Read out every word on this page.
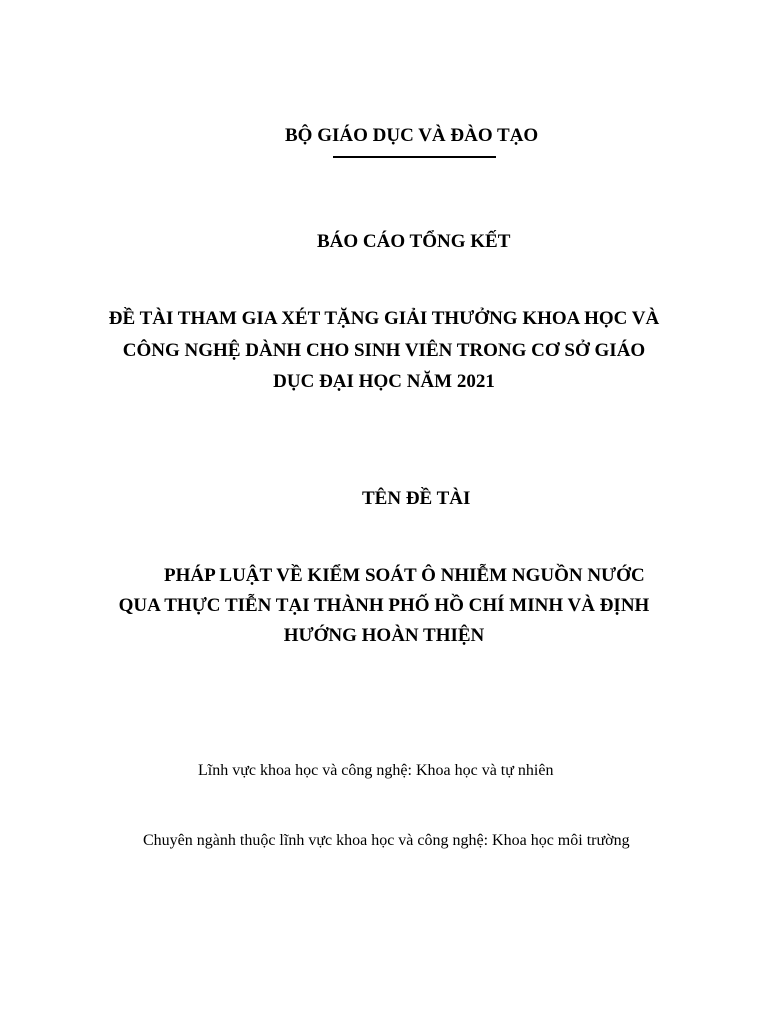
BỘ GIÁO DỤC VÀ ĐÀO TẠO

BÁO CÁO TỔNG KẾT

ĐỀ TÀI THAM GIA XÉT TẶNG GIẢI THƯỞNG KHOA HỌC VÀ

CÔNG NGHỆ DÀNH CHO SINH VIÊN TRONG CƠ SỞ GIÁO

DỤC ĐẠI HỌC NĂM 2021

TÊN ĐỀ TÀI

PHÁP LUẬT VỀ KIỂM SOÁT Ô NHIỄM NGUỒN NƯỚC

QUA THỰC TIỄN TẠI THÀNH PHỐ HỒ CHÍ MINH VÀ ĐỊNH

HƯỚNG HOÀN THIỆN

Lĩnh vực khoa học và công nghệ: Khoa học và tự nhiên

Chuyên ngành thuộc lĩnh vực khoa học và công nghệ: Khoa học môi trường
